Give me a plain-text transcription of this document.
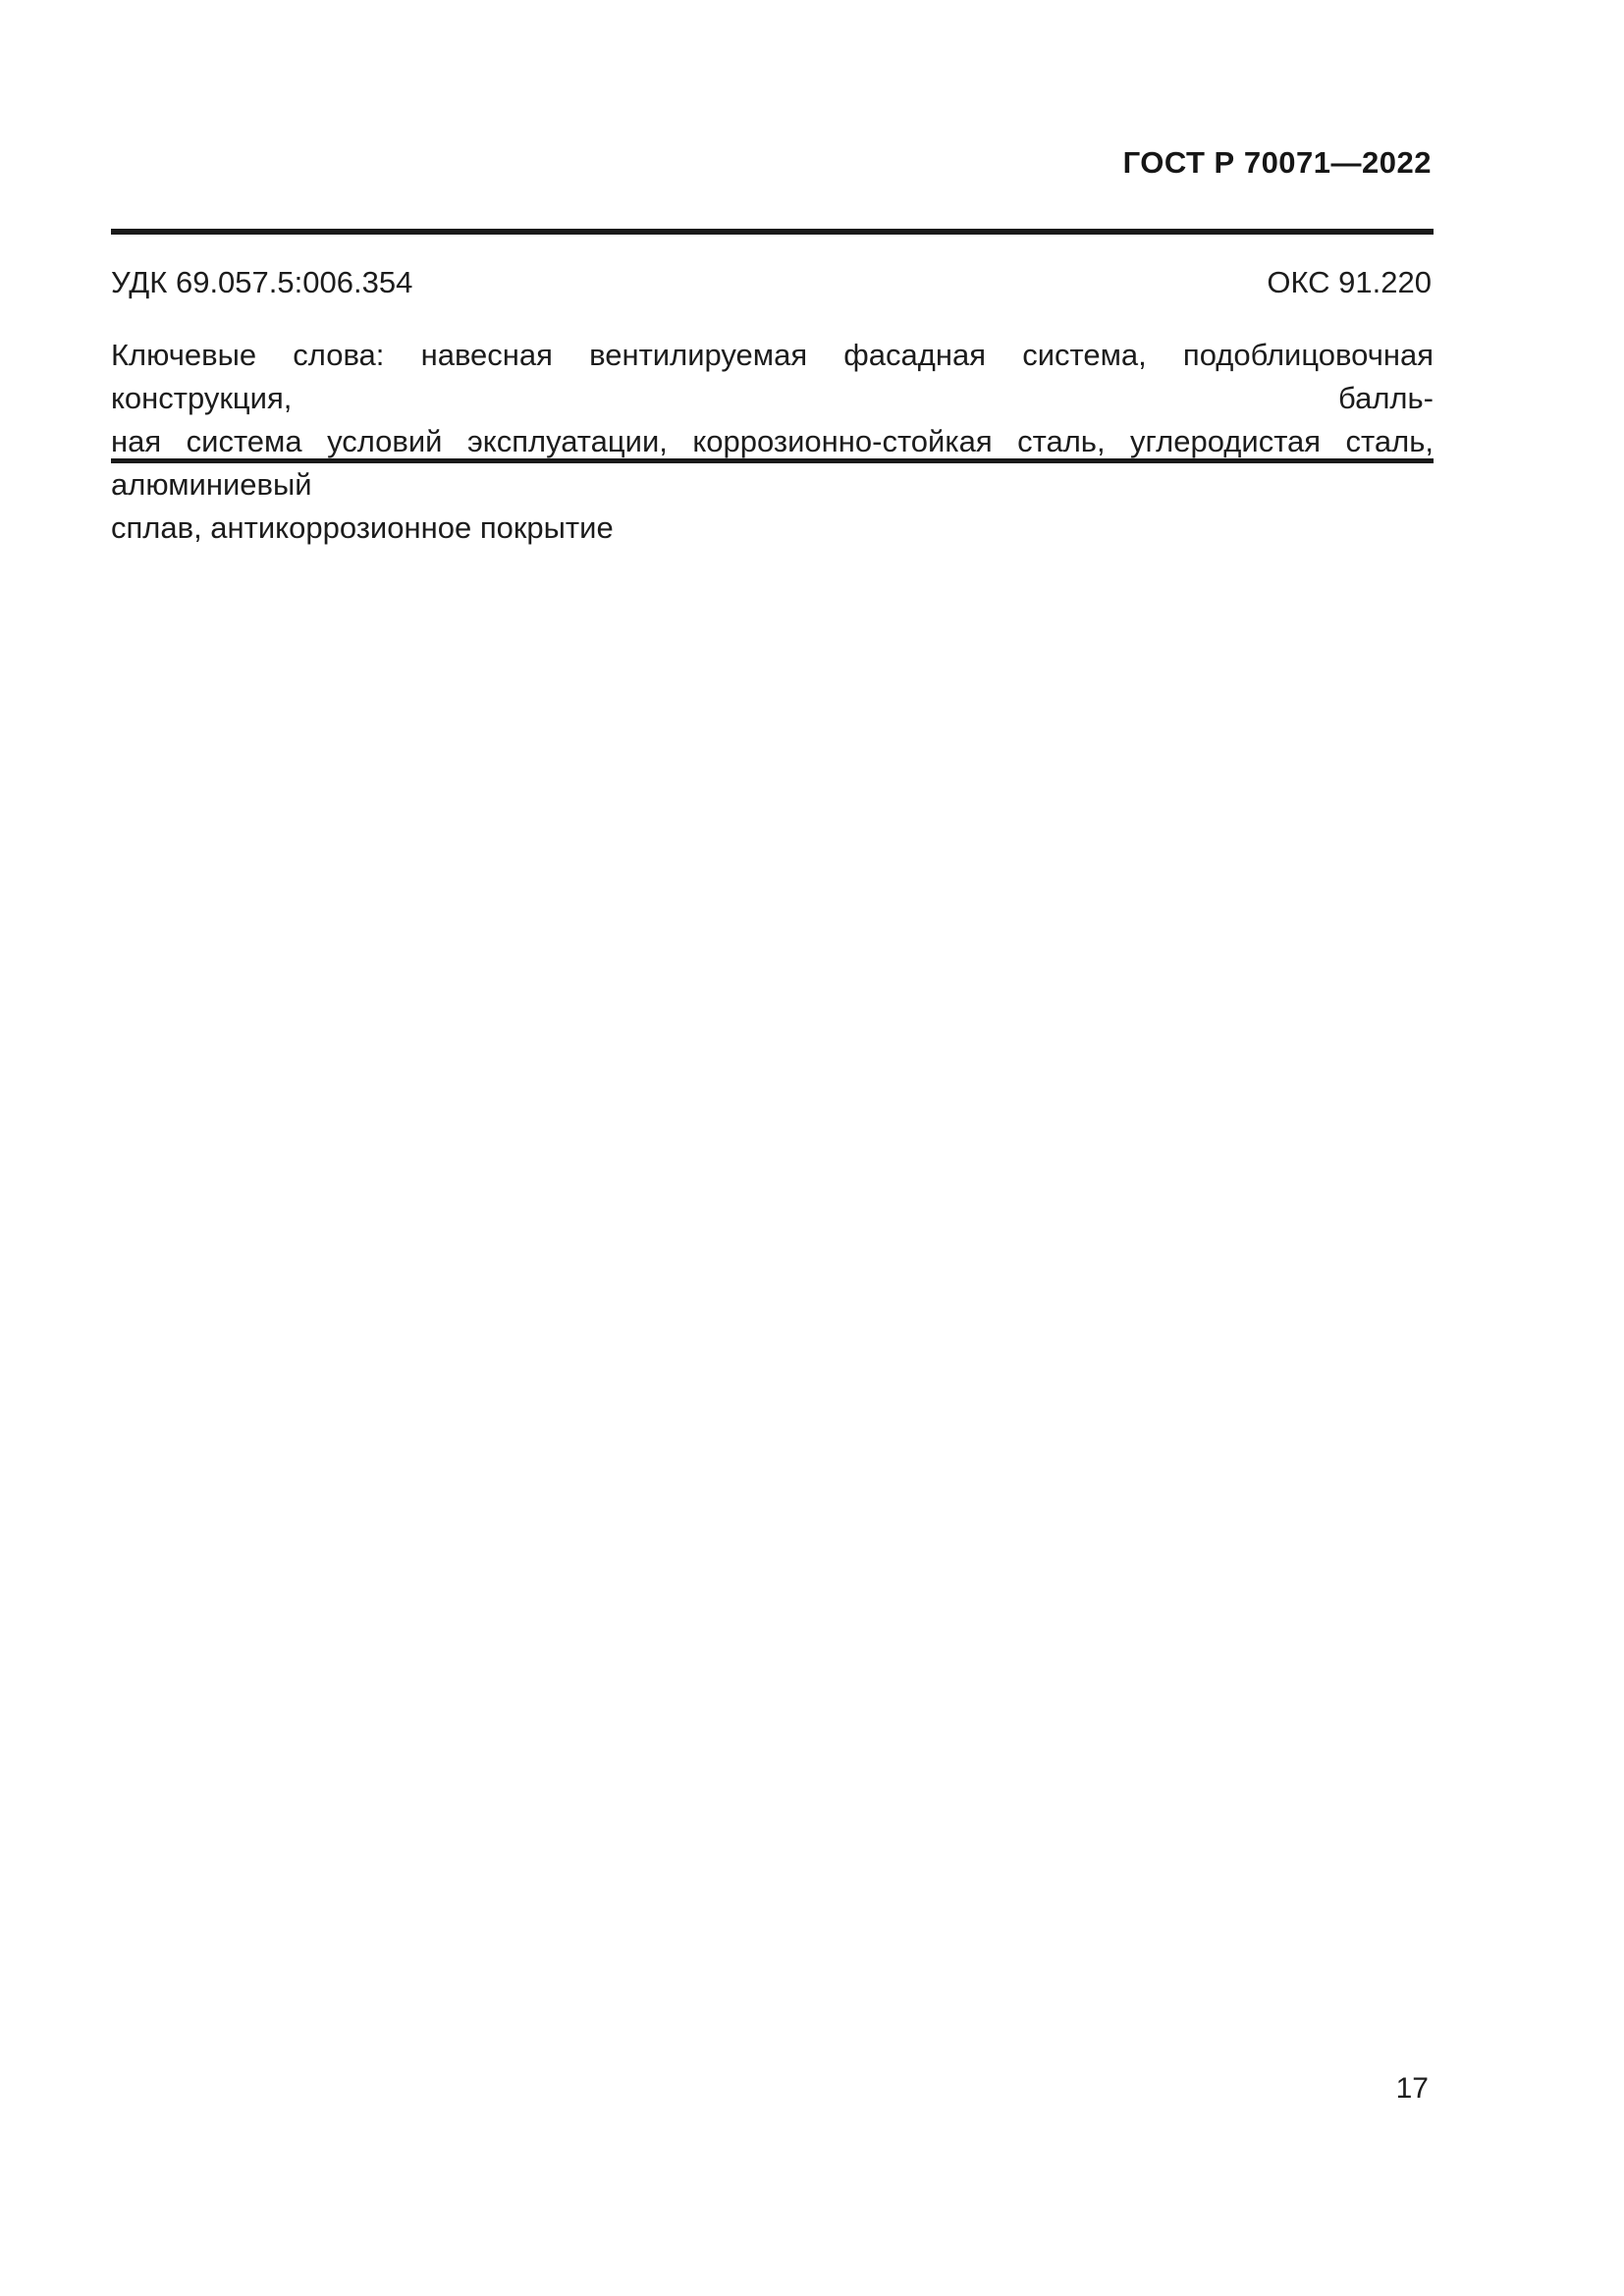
ГОСТ Р 70071—2022
УДК 69.057.5:006.354	ОКС 91.220
Ключевые слова: навесная вентилируемая фасадная система, подоблицовочная конструкция, балль-
ная система условий эксплуатации, коррозионно-стойкая сталь, углеродистая сталь, алюминиевый
сплав, антикоррозионное покрытие
17
